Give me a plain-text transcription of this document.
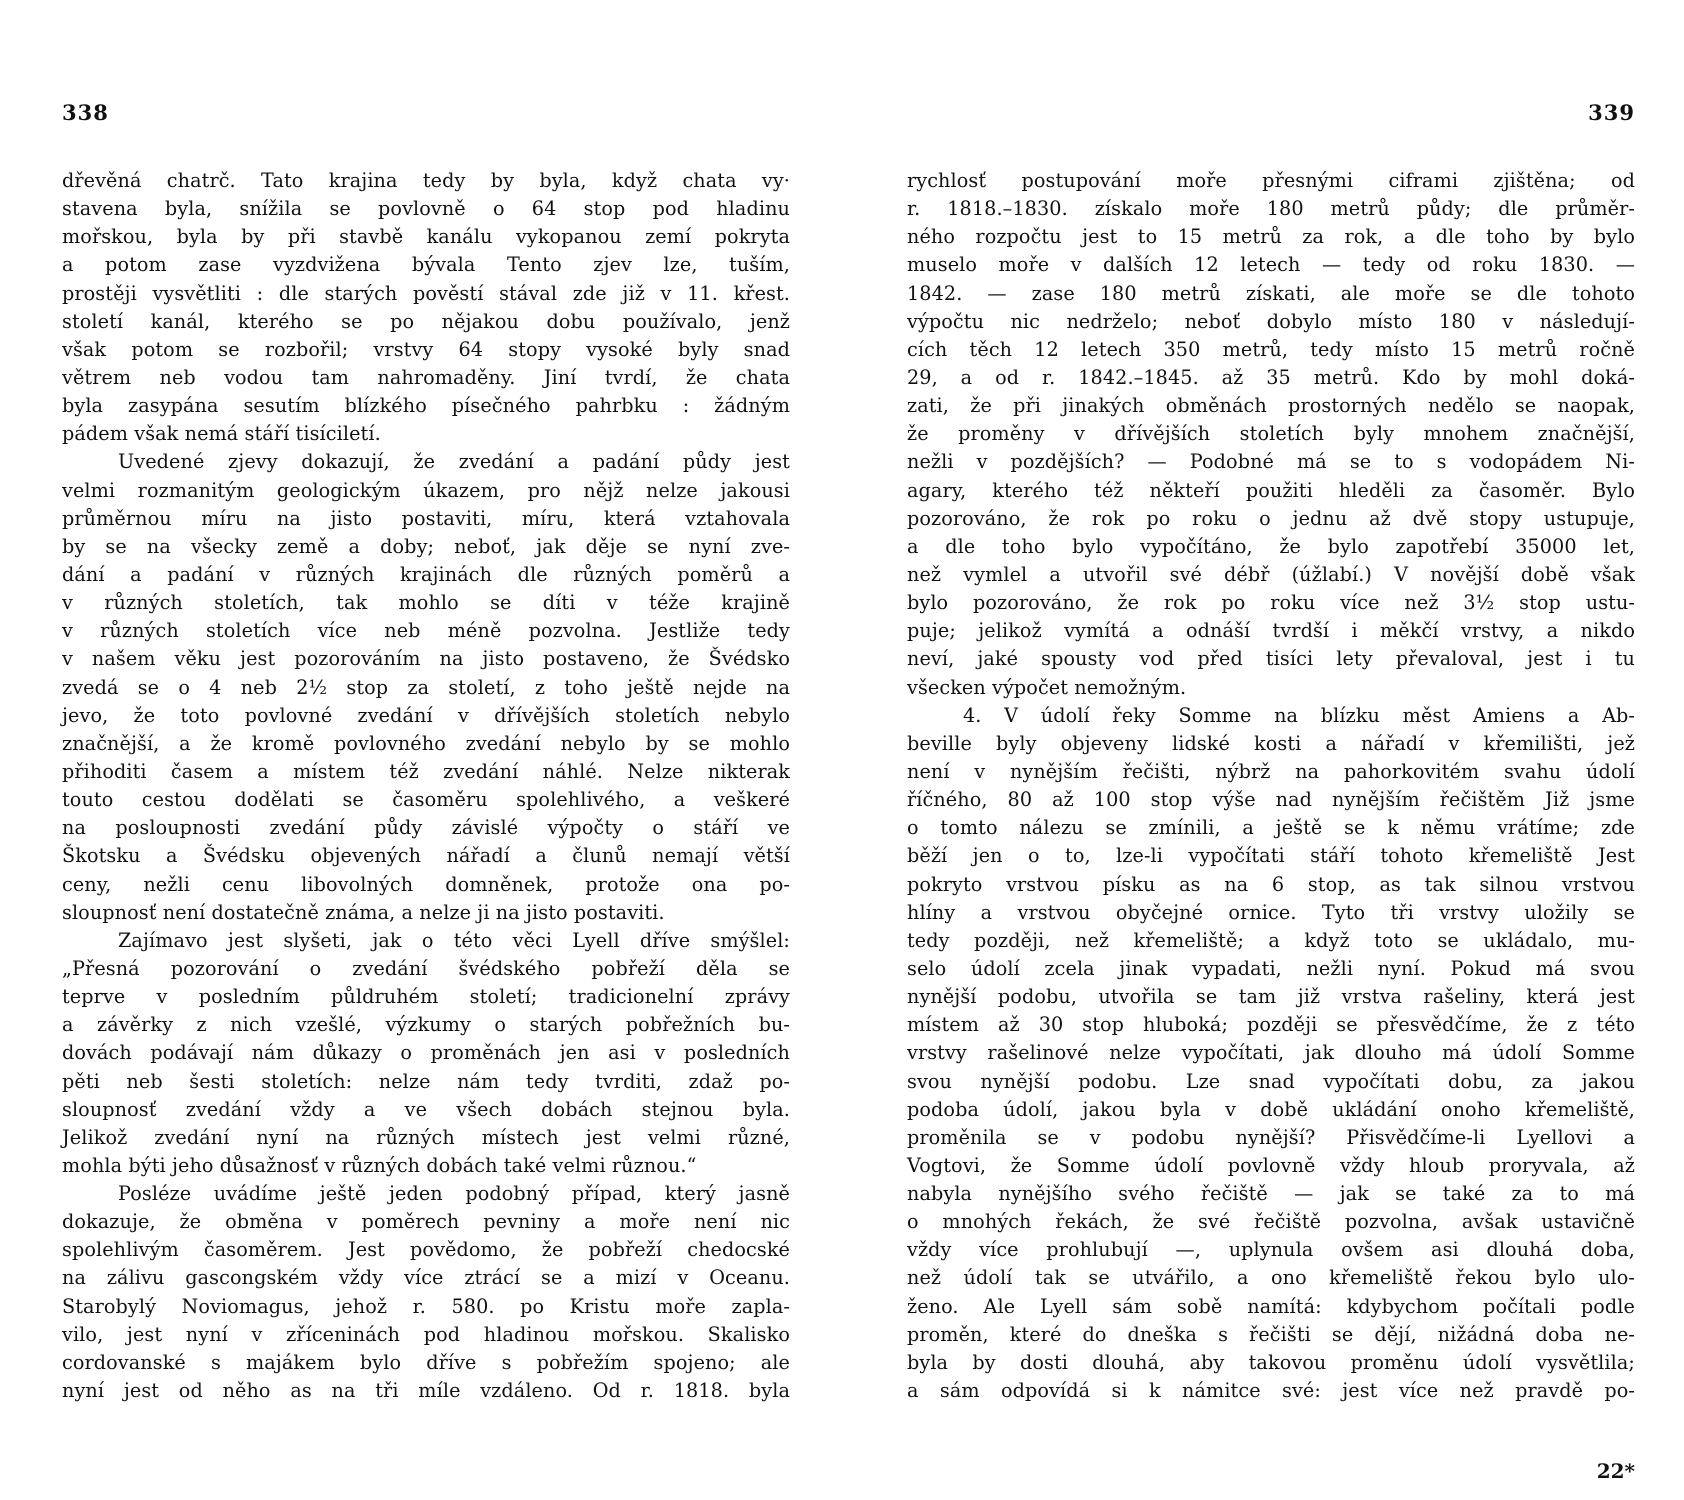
338
dřevěná chatrč. Tato krajina tedy by byla, když chata vy·
stavena byla, snížila se povlovně o 64 stop pod hladinu
mořskou, byla by při stavbě kanálu vykopanou zemí pokryta
a potom zase vyzdvižena bývala Tento zjev lze, tuším,
prostěji vysvětliti : dle starých pověstí stával zde již v 11. křest.
století kanál, kterého se po nějakou dobu používalo, jenž
však potom se rozbořil; vrstvy 64 stopy vysoké byly snad
větrem neb vodou tam nahromaděny. Jiní tvrdí, že chata
byla zasypána sesutím blízkého písečného pahrbku : žádným
pádem však nemá stáří tisíciletí.
Uvedené zjevy dokazují, že zvedání a padání půdy jest
velmi rozmanitým geologickým úkazem, pro nějž nelze jakousi
průměrnou míru na jisto postaviti, míru, která vztahovala
by se na všecky země a doby; neboť, jak děje se nyní zve-
dání a padání v různých krajinách dle různých poměrů a
v různých stoletích, tak mohlo se díti v téže krajině
v různých stoletích více neb méně pozvolna. Jestliže tedy
v našem věku jest pozorováním na jisto postaveno, že Švédsko
zvedá se o 4 neb 2½ stop za století, z toho ještě nejde na
jevo, že toto povlovné zvedání v dřívějších stoletích nebylo
značnější, a že kromě povlovného zvedání nebylo by se mohlo
přihoditi časem a místem též zvedání náhlé. Nelze nikterak
touto cestou dodělati se časoměru spolehlivého, a veškeré
na posloupnosti zvedání půdy závislé výpočty o stáří ve
Škotsku a Švédsku objevených nářadí a člunů nemají větší
ceny, nežli cenu libovolných domněnek, protože ona po-
sloupnosť není dostatečně známa, a nelze ji na jisto postaviti.
Zajímavo jest slyšeti, jak o této věci Lyell dříve smýšlel:
„Přesná pozorování o zvedání švédského pobřeží děla se
teprve v posledním půldruhém století; tradicionelní zprávy
a závěrky z nich vzešlé, výzkumy o starých pobřežních bu-
dovách podávají nám důkazy o proměnách jen asi v posledních
pěti neb šesti stoletích: nelze nám tedy tvrditi, zdaž po-
sloupnosť zvedání vždy a ve všech dobách stejnou byla.
Jelikož zvedání nyní na různých místech jest velmi různé,
mohla býti jeho důsažnosť v různých dobách také velmi různou.“
Posléze uvádíme ještě jeden podobný případ, který jasně
dokazuje, že obměna v poměrech pevniny a moře není nic
spolehlivým časoměrem. Jest povědomo, že pobřeží chedocské
na zálivu gascongském vždy více ztrácí se a mizí v Oceanu.
Starobylý Noviomagus, jehož r. 580. po Kristu moře zapla-
vilo, jest nyní v zříceninách pod hladinou mořskou. Skalisko
cordovanské s majákem bylo dříve s pobřežím spojeno; ale
nyní jest od něho as na tři míle vzdáleno. Od r. 1818. byla
339
rychlosť postupování moře přesnými ciframi zjištěna; od
r. 1818.–1830. získalo moře 180 metrů půdy; dle průměr-
ného rozpočtu jest to 15 metrů za rok, a dle toho by bylo
muselo moře v dalších 12 letech — tedy od roku 1830. —
1842. — zase 180 metrů získati, ale moře se dle tohoto
výpočtu nic nedrželo; neboť dobylo místo 180 v následují-
cích těch 12 letech 350 metrů, tedy místo 15 metrů ročně
29, a od r. 1842.–1845. až 35 metrů. Kdo by mohl doká-
zati, že při jinakých obměnách prostorných nedělo se naopak,
že proměny v dřívějších stoletích byly mnohem značnější,
nežli v pozdějších? — Podobné má se to s vodopádem Ni-
agary, kterého též někteří použiti hleděli za časoměr. Bylo
pozorováno, že rok po roku o jednu až dvě stopy ustupuje,
a dle toho bylo vypočítáno, že bylo zapotřebí 35000 let,
než vymlel a utvořil své débř (úžlabí.) V novější době však
bylo pozorováno, že rok po roku více než 3½ stop ustu-
puje; jelikož vymítá a odnáší tvrdší i měkčí vrstvy, a nikdo
neví, jaké spousty vod před tisíci lety převaloval, jest i tu
všecken výpočet nemožným.
4. V údolí řeky Somme na blízku měst Amiens a Ab-
beville byly objeveny lidské kosti a nářadí v křemilišti, jež
není v nynějším řečišti, nýbrž na pahorkovitém svahu údolí
říčného, 80 až 100 stop výše nad nynějším řečištěm Již jsme
o tomto nálezu se zmínili, a ještě se k němu vrátíme; zde
běží jen o to, lze-li vypočítati stáří tohoto křemeliště Jest
pokryto vrstvou písku as na 6 stop, as tak silnou vrstvou
hlíny a vrstvou obyčejné ornice. Tyto tři vrstvy uložily se
tedy později, než křemeliště; a když toto se ukládalo, mu-
selo údolí zcela jinak vypadati, nežli nyní. Pokud má svou
nynější podobu, utvořila se tam již vrstva rašeliny, která jest
místem až 30 stop hluboká; později se přesvědčíme, že z této
vrstvy rašelinové nelze vypočítati, jak dlouho má údolí Somme
svou nynější podobu. Lze snad vypočítati dobu, za jakou
podoba údolí, jakou byla v době ukládání onoho křemeliště,
proměnila se v podobu nynější? Přisvědčíme-li Lyellovi a
Vogtovi, že Somme údolí povlovně vždy hloub proryvala, až
nabyla nynějšího svého řečiště — jak se také za to má
o mnohých řekách, že své řečiště pozvolna, avšak ustavičně
vždy více prohlubují —, uplynula ovšem asi dlouhá doba,
než údolí tak se utvářilo, a ono křemeliště řekou bylo ulo-
ženo. Ale Lyell sám sobě namítá: kdybychom počítali podle
proměn, které do dneška s řečišti se dějí, nižádná doba ne-
byla by dosti dlouhá, aby takovou proměnu údolí vysvětlila;
a sám odpovídá si k námitce své: jest více než pravdě po-
22*
